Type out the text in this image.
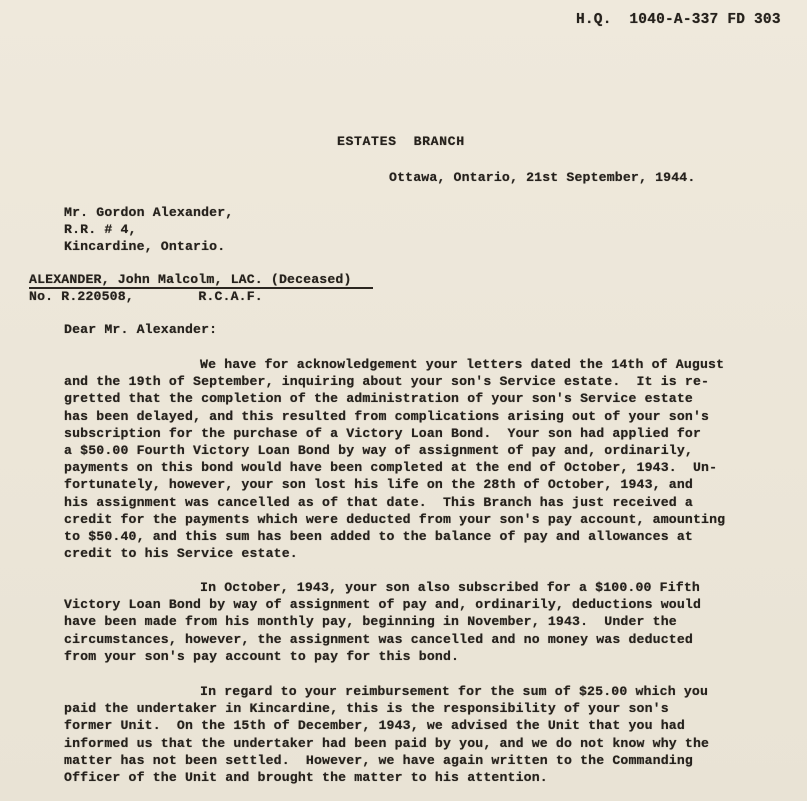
H.Q.  1040-A-337 FD 303
ESTATES  BRANCH
Ottawa, Ontario, 21st September, 1944.
Mr. Gordon Alexander,
R.R. # 4,
Kincardine, Ontario.
ALEXANDER, John Malcolm, LAC. (Deceased)
No. R.220508,        R.C.A.F.
Dear Mr. Alexander:
We have for acknowledgement your letters dated the 14th of August
and the 19th of September, inquiring about your son's Service estate.  It is re-
gretted that the completion of the administration of your son's Service estate
has been delayed, and this resulted from complications arising out of your son's
subscription for the purchase of a Victory Loan Bond.  Your son had applied for
a $50.00 Fourth Victory Loan Bond by way of assignment of pay and, ordinarily,
payments on this bond would have been completed at the end of October, 1943.  Un-
fortunately, however, your son lost his life on the 28th of October, 1943, and
his assignment was cancelled as of that date.  This Branch has just received a
credit for the payments which were deducted from your son's pay account, amounting
to $50.40, and this sum has been added to the balance of pay and allowances at
credit to his Service estate.
In October, 1943, your son also subscribed for a $100.00 Fifth
Victory Loan Bond by way of assignment of pay and, ordinarily, deductions would
have been made from his monthly pay, beginning in November, 1943.  Under the
circumstances, however, the assignment was cancelled and no money was deducted
from your son's pay account to pay for this bond.
In regard to your reimbursement for the sum of $25.00 which you
paid the undertaker in Kincardine, this is the responsibility of your son's
former Unit.  On the 15th of December, 1943, we advised the Unit that you had
informed us that the undertaker had been paid by you, and we do not know why the
matter has not been settled.  However, we have again written to the Commanding
Officer of the Unit and brought the matter to his attention.
